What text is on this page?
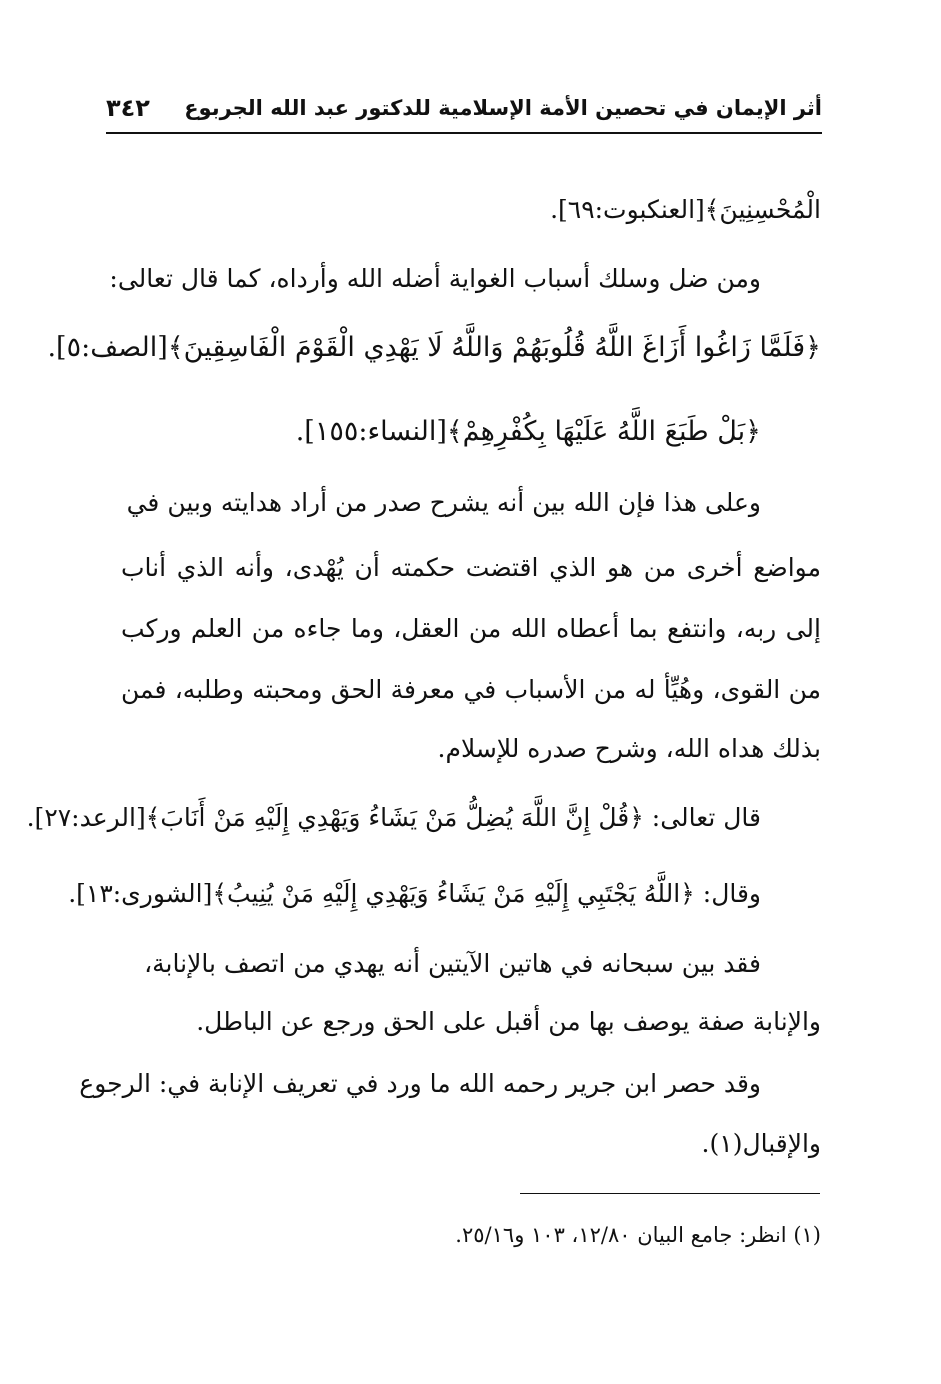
أثر الإيمان في تحصين الأمة الإسلامية للدكتور عبد الله الجربوع
٣٤٢
الْمُحْسِنِينَ﴾[العنكبوت:٦٩].
ومن ضل وسلك أسباب الغواية أضله الله وأرداه، كما قال تعالى:
﴿فَلَمَّا زَاغُوا أَزَاغَ اللَّهُ قُلُوبَهُمْ وَاللَّهُ لَا يَهْدِي الْقَوْمَ الْفَاسِقِينَ﴾[الصف:٥].
﴿بَلْ طَبَعَ اللَّهُ عَلَيْهَا بِكُفْرِهِمْ﴾[النساء:١٥٥].
وعلى هذا فإن الله بين أنه يشرح صدر من أراد هدايته وبين في
مواضع أخرى من هو الذي اقتضت حكمته أن يُهْدى، وأنه الذي أناب
إلى ربه، وانتفع بما أعطاه الله من العقل، وما جاءه من العلم وركب
من القوى، وهُيِّأ له من الأسباب في معرفة الحق ومحبته وطلبه، فمن
بذلك هداه الله، وشرح صدره للإسلام.
قال تعالى: ﴿قُلْ إِنَّ اللَّهَ يُضِلُّ مَنْ يَشَاءُ وَيَهْدِي إِلَيْهِ مَنْ أَنَابَ﴾[الرعد:٢٧].
وقال: ﴿اللَّهُ يَجْتَبِي إِلَيْهِ مَنْ يَشَاءُ وَيَهْدِي إِلَيْهِ مَنْ يُنِيبُ﴾[الشورى:١٣].
فقد بين سبحانه في هاتين الآيتين أنه يهدي من اتصف بالإنابة،
والإنابة صفة يوصف بها من أقبل على الحق ورجع عن الباطل.
وقد حصر ابن جرير رحمه الله ما ورد في تعريف الإنابة في: الرجوع
والإقبال(١).
(١) انظر: جامع البيان ١٢/٨٠، ١٠٣ و٢٥/١٦.
